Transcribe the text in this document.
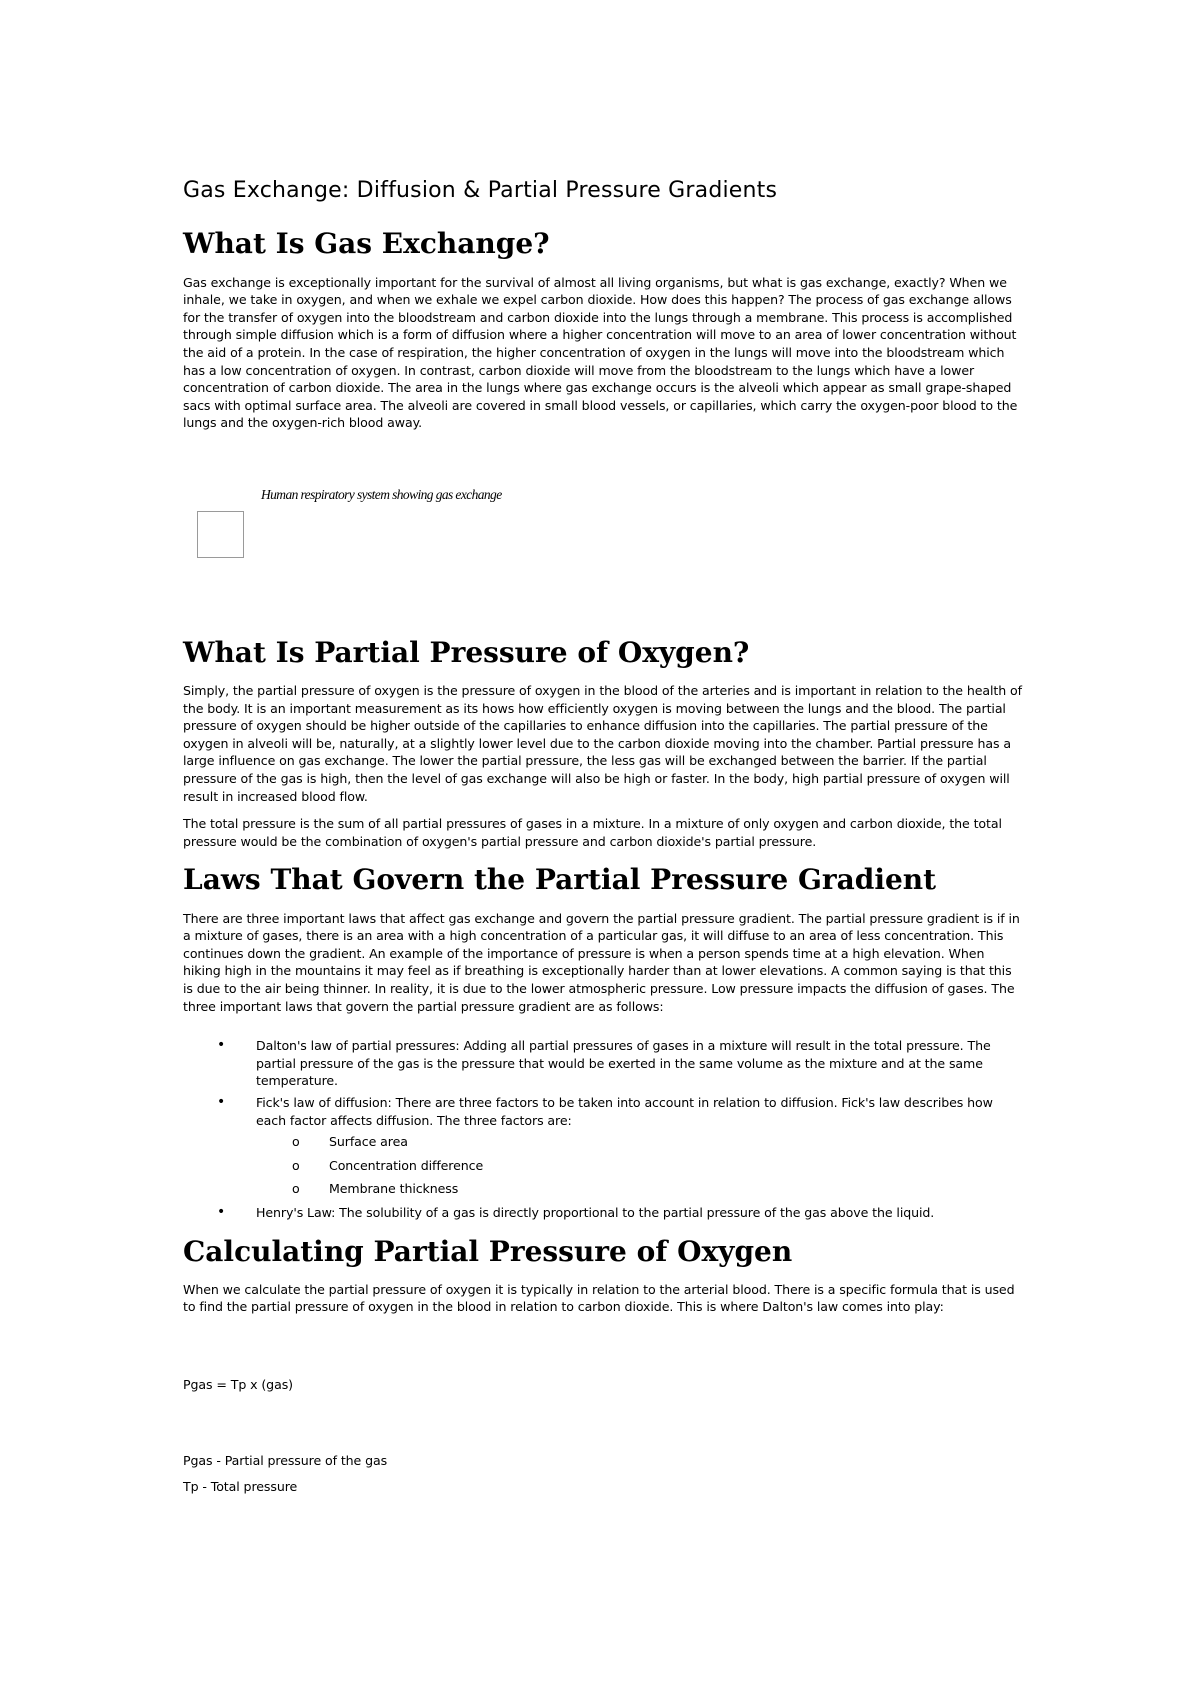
Gas Exchange: Diffusion & Partial Pressure Gradients
What Is Gas Exchange?

Gas exchange is exceptionally important for the survival of almost all living organisms, but what is gas exchange, exactly? When we inhale, we take in oxygen, and when we exhale we expel carbon dioxide. How does this happen? The process of gas exchange allows for the transfer of oxygen into the bloodstream and carbon dioxide into the lungs through a membrane. This process is accomplished through simple diffusion which is a form of diffusion where a higher concentration will move to an area of lower concentration without the aid of a protein. In the case of respiration, the higher concentration of oxygen in the lungs will move into the bloodstream which has a low concentration of oxygen. In contrast, carbon dioxide will move from the bloodstream to the lungs which have a lower concentration of carbon dioxide. The area in the lungs where gas exchange occurs is the alveoli which appear as small grape-shaped sacs with optimal surface area. The alveoli are covered in small blood vessels, or capillaries, which carry the oxygen-poor blood to the lungs and the oxygen-rich blood away.

Human respiratory system showing gas exchange
What Is Partial Pressure of Oxygen?

Simply, the partial pressure of oxygen is the pressure of oxygen in the blood of the arteries and is important in relation to the health of the body. It is an important measurement as its hows how efficiently oxygen is moving between the lungs and the blood. The partial pressure of oxygen should be higher outside of the capillaries to enhance diffusion into the capillaries. The partial pressure of the oxygen in alveoli will be, naturally, at a slightly lower level due to the carbon dioxide moving into the chamber. Partial pressure has a large influence on gas exchange. The lower the partial pressure, the less gas will be exchanged between the barrier. If the partial pressure of the gas is high, then the level of gas exchange will also be high or faster. In the body, high partial pressure of oxygen will result in increased blood flow.

The total pressure is the sum of all partial pressures of gases in a mixture. In a mixture of only oxygen and carbon dioxide, the total pressure would be the combination of oxygen's partial pressure and carbon dioxide's partial pressure.

Laws That Govern the Partial Pressure Gradient

There are three important laws that affect gas exchange and govern the partial pressure gradient. The partial pressure gradient is if in a mixture of gases, there is an area with a high concentration of a particular gas, it will diffuse to an area of less concentration. This continues down the gradient. An example of the importance of pressure is when a person spends time at a high elevation. When hiking high in the mountains it may feel as if breathing is exceptionally harder than at lower elevations. A common saying is that this is due to the air being thinner. In reality, it is due to the lower atmospheric pressure. Low pressure impacts the diffusion of gases. The three important laws that govern the partial pressure gradient are as follows:

• Dalton's law of partial pressures: Adding all partial pressures of gases in a mixture will result in the total pressure. The partial pressure of the gas is the pressure that would be exerted in the same volume as the mixture and at the same temperature.
• Fick's law of diffusion: There are three factors to be taken into account in relation to diffusion. Fick's law describes how each factor affects diffusion. The three factors are:
o Surface area
o Concentration difference
o Membrane thickness
• Henry's Law: The solubility of a gas is directly proportional to the partial pressure of the gas above the liquid.
Calculating Partial Pressure of Oxygen

When we calculate the partial pressure of oxygen it is typically in relation to the arterial blood. There is a specific formula that is used to find the partial pressure of oxygen in the blood in relation to carbon dioxide. This is where Dalton's law comes into play:

Pgas = Tp x (gas)

Pgas - Partial pressure of the gas

Tp - Total pressure
